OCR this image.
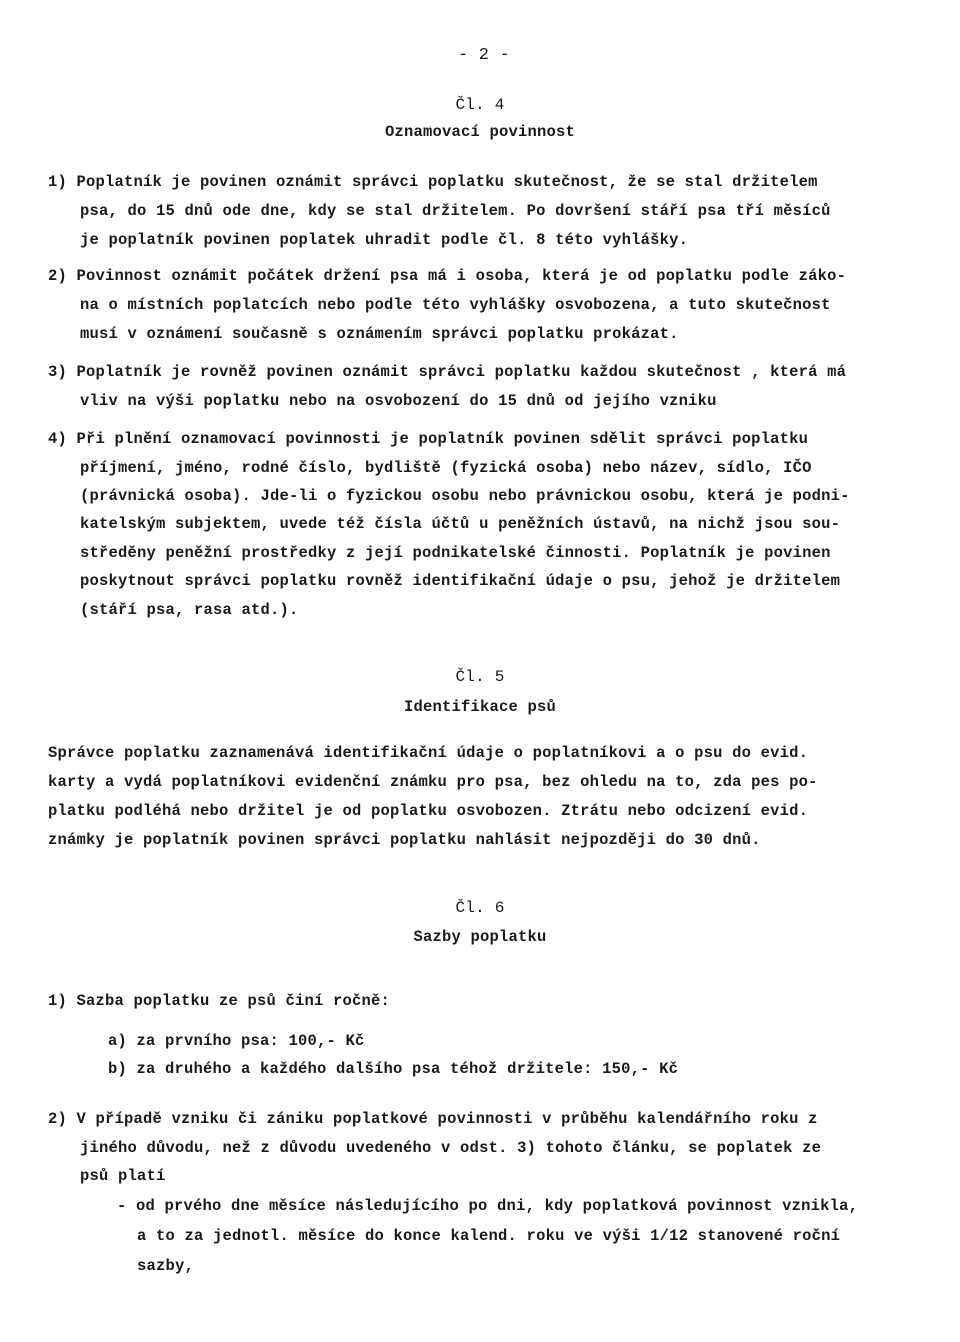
- 2 -
Čl. 4
Oznamovací povinnost
1) Poplatník je povinen oznámit správci poplatku skutečnost, že se stal držitelem
psa, do 15 dnů ode dne, kdy se stal držitelem. Po dovršení stáří psa tří měsíců
je poplatník povinen poplatek uhradit podle čl. 8 této vyhlášky.
2) Povinnost oznámit počátek držení psa má i osoba, která je od poplatku podle záko-
na o místních poplatcích nebo podle této vyhlášky osvobozena, a tuto skutečnost
musí v oznámení současně s oznámením správci poplatku prokázat.
3) Poplatník je rovněž povinen oznámit správci poplatku každou skutečnost , která má
vliv na výši poplatku nebo na osvobození do 15 dnů od jejího vzniku
4) Při plnění oznamovací povinnosti je poplatník povinen sdělit správci poplatku
příjmení, jméno, rodné číslo, bydliště (fyzická osoba) nebo název, sídlo, IČO
(právnická osoba). Jde-li o fyzickou osobu nebo právnickou osobu, která je podni-
katelským subjektem, uvede též čísla účtů u peněžních ústavů, na nichž jsou sou-
středěny peněžní prostředky z její podnikatelské činnosti. Poplatník je povinen
poskytnout správci poplatku rovněž identifikační údaje o psu, jehož je držitelem
(stáří psa, rasa atd.).
Čl. 5
Identifikace psů
Správce poplatku zaznamenává identifikační údaje o poplatníkovi a o psu do evid.
karty a vydá poplatníkovi evidenční známku pro psa, bez ohledu na to, zda pes po-
platku podléhá nebo držitel je od poplatku osvobozen. Ztrátu nebo odcizení evid.
známky je poplatník povinen správci poplatku nahlásit nejpozději do 30 dnů.
Čl. 6
Sazby poplatku
1) Sazba poplatku ze psů činí ročně:
a) za prvního psa: 100,- Kč
b) za druhého a každého dalšího psa téhož držitele: 150,- Kč
2) V případě vzniku či zániku poplatkové povinnosti v průběhu kalendářního roku z
jiného důvodu, než z důvodu uvedeného v odst. 3) tohoto článku, se poplatek ze
psů platí
- od prvého dne měsíce následujícího po dni, kdy poplatková povinnost vznikla,
a to za jednotl. měsíce do konce kalend. roku ve výši 1/12 stanovené roční
sazby,
